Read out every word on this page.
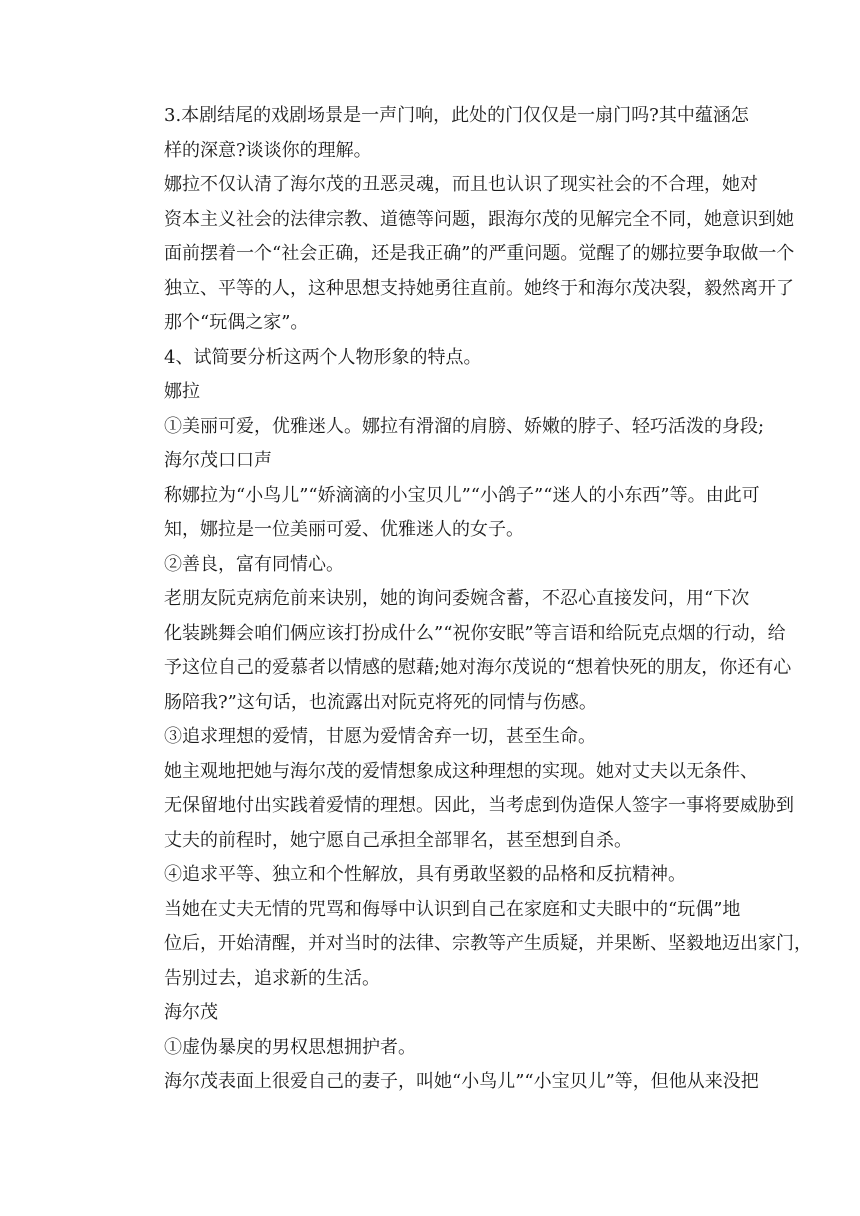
3.本剧结尾的戏剧场景是一声门响，此处的门仅仅是一扇门吗?其中蕴涵怎
样的深意?谈谈你的理解。

娜拉不仅认清了海尔茂的丑恶灵魂，而且也认识了现实社会的不合理，她对
资本主义社会的法律宗教、道德等问题，跟海尔茂的见解完全不同，她意识到她
面前摆着一个“社会正确，还是我正确”的严重问题。觉醒了的娜拉要争取做一个
独立、平等的人，这种思想支持她勇往直前。她终于和海尔茂决裂，毅然离开了
那个“玩偶之家”。

4、试简要分析这两个人物形象的特点。

娜拉

①美丽可爱，优雅迷人。娜拉有滑溜的肩膀、娇嫩的脖子、轻巧活泼的身段;
海尔茂口口声

称娜拉为“小鸟儿”“娇滴滴的小宝贝儿”“小鸽子”“迷人的小东西”等。由此可
知，娜拉是一位美丽可爱、优雅迷人的女子。

②善良，富有同情心。

老朋友阮克病危前来诀别，她的询问委婉含蓄，不忍心直接发问，用“下次
化装跳舞会咱们俩应该打扮成什么”“祝你安眠”等言语和给阮克点烟的行动，给
予这位自己的爱慕者以情感的慰藉;她对海尔茂说的“想着快死的朋友，你还有心
肠陪我?”这句话，也流露出对阮克将死的同情与伤感。

③追求理想的爱情，甘愿为爱情舍弃一切，甚至生命。

她主观地把她与海尔茂的爱情想象成这种理想的实现。她对丈夫以无条件、
无保留地付出实践着爱情的理想。因此，当考虑到伪造保人签字一事将要威胁到
丈夫的前程时，她宁愿自己承担全部罪名，甚至想到自杀。

④追求平等、独立和个性解放，具有勇敢坚毅的品格和反抗精神。

当她在丈夫无情的咒骂和侮辱中认识到自己在家庭和丈夫眼中的“玩偶”地
位后，开始清醒，并对当时的法律、宗教等产生质疑，并果断、坚毅地迈出家门，
告别过去，追求新的生活。

海尔茂

①虚伪暴戾的男权思想拥护者。

海尔茂表面上很爱自己的妻子，叫她“小鸟儿”“小宝贝儿”等，但他从来没把
